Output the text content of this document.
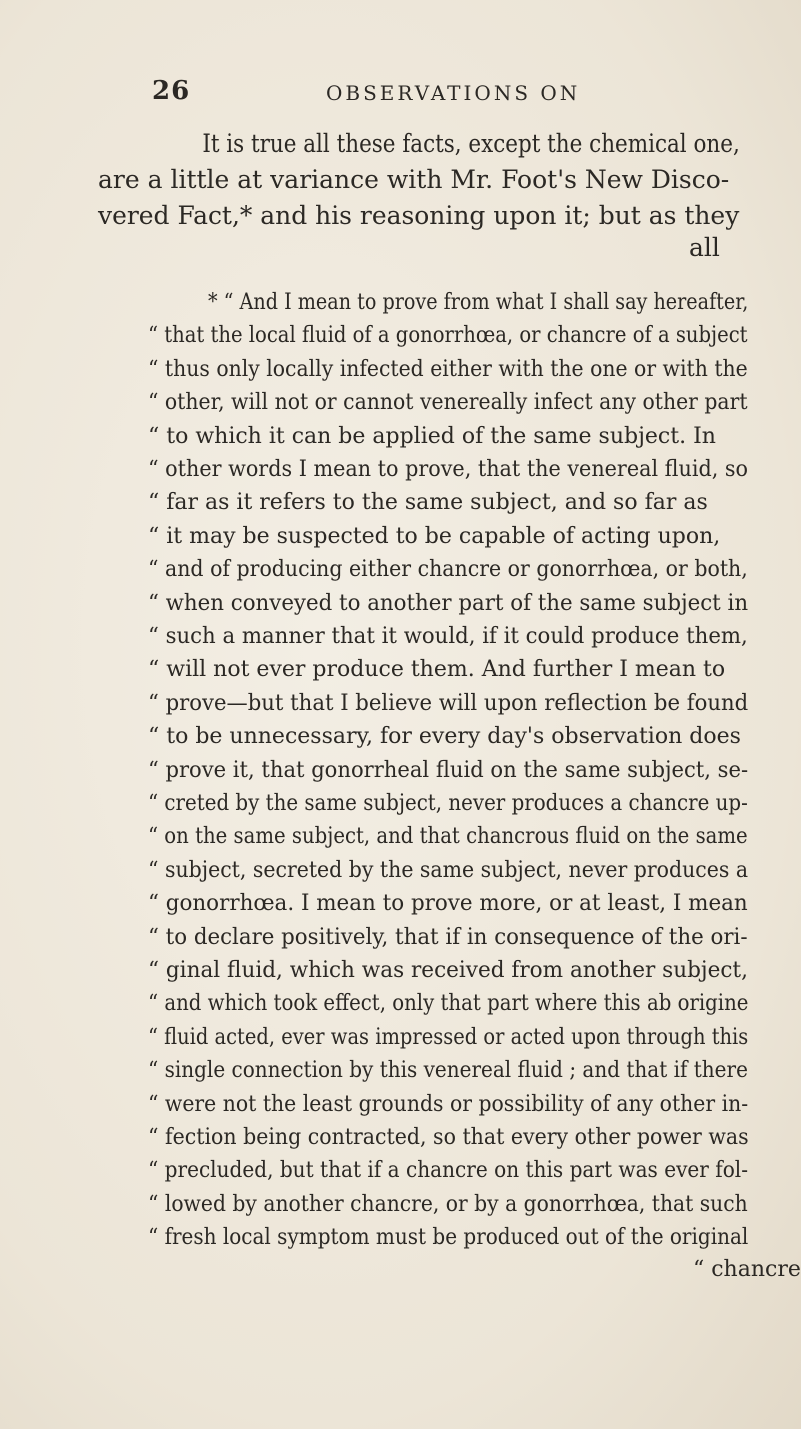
26	OBSERVATIONS ON
It is true all these facts, except the chemical one,
are a little at variance with Mr. Foot's New Disco-
vered Fact,* and his reasoning upon it; but as they
all
* “ And I mean to prove from what I shall say hereafter,
“ that the local fluid of a gonorrhœa, or chancre of a subject
“ thus only locally infected either with the one or with the
“ other, will not or cannot venereally infect any other part
“ to which it can be applied of the same subject. In
“ other words I mean to prove, that the venereal fluid, so
“ far as it refers to the same subject, and so far as
“ it may be suspected to be capable of acting upon,
“ and of producing either chancre or gonorrhœa, or both,
“ when conveyed to another part of the same subject in
“ such a manner that it would, if it could produce them,
“ will not ever produce them. And further I mean to
“ prove—but that I believe will upon reflection be found
“ to be unnecessary, for every day's observation does
“ prove it, that gonorrheal fluid on the same subject, se-
“ creted by the same subject, never produces a chancre up-
“ on the same subject, and that chancrous fluid on the same
“ subject, secreted by the same subject, never produces a
“ gonorrhœa. I mean to prove more, or at least, I mean
“ to declare positively, that if in consequence of the ori-
“ ginal fluid, which was received from another subject,
“ and which took effect, only that part where this ab origine
“ fluid acted, ever was impressed or acted upon through this
“ single connection by this venereal fluid ; and that if there
“ were not the least grounds or possibility of any other in-
“ fection being contracted, so that every other power was
“ precluded, but that if a chancre on this part was ever fol-
“ lowed by another chancre, or by a gonorrhœa, that such
“ fresh local symptom must be produced out of the original
“ chancre
